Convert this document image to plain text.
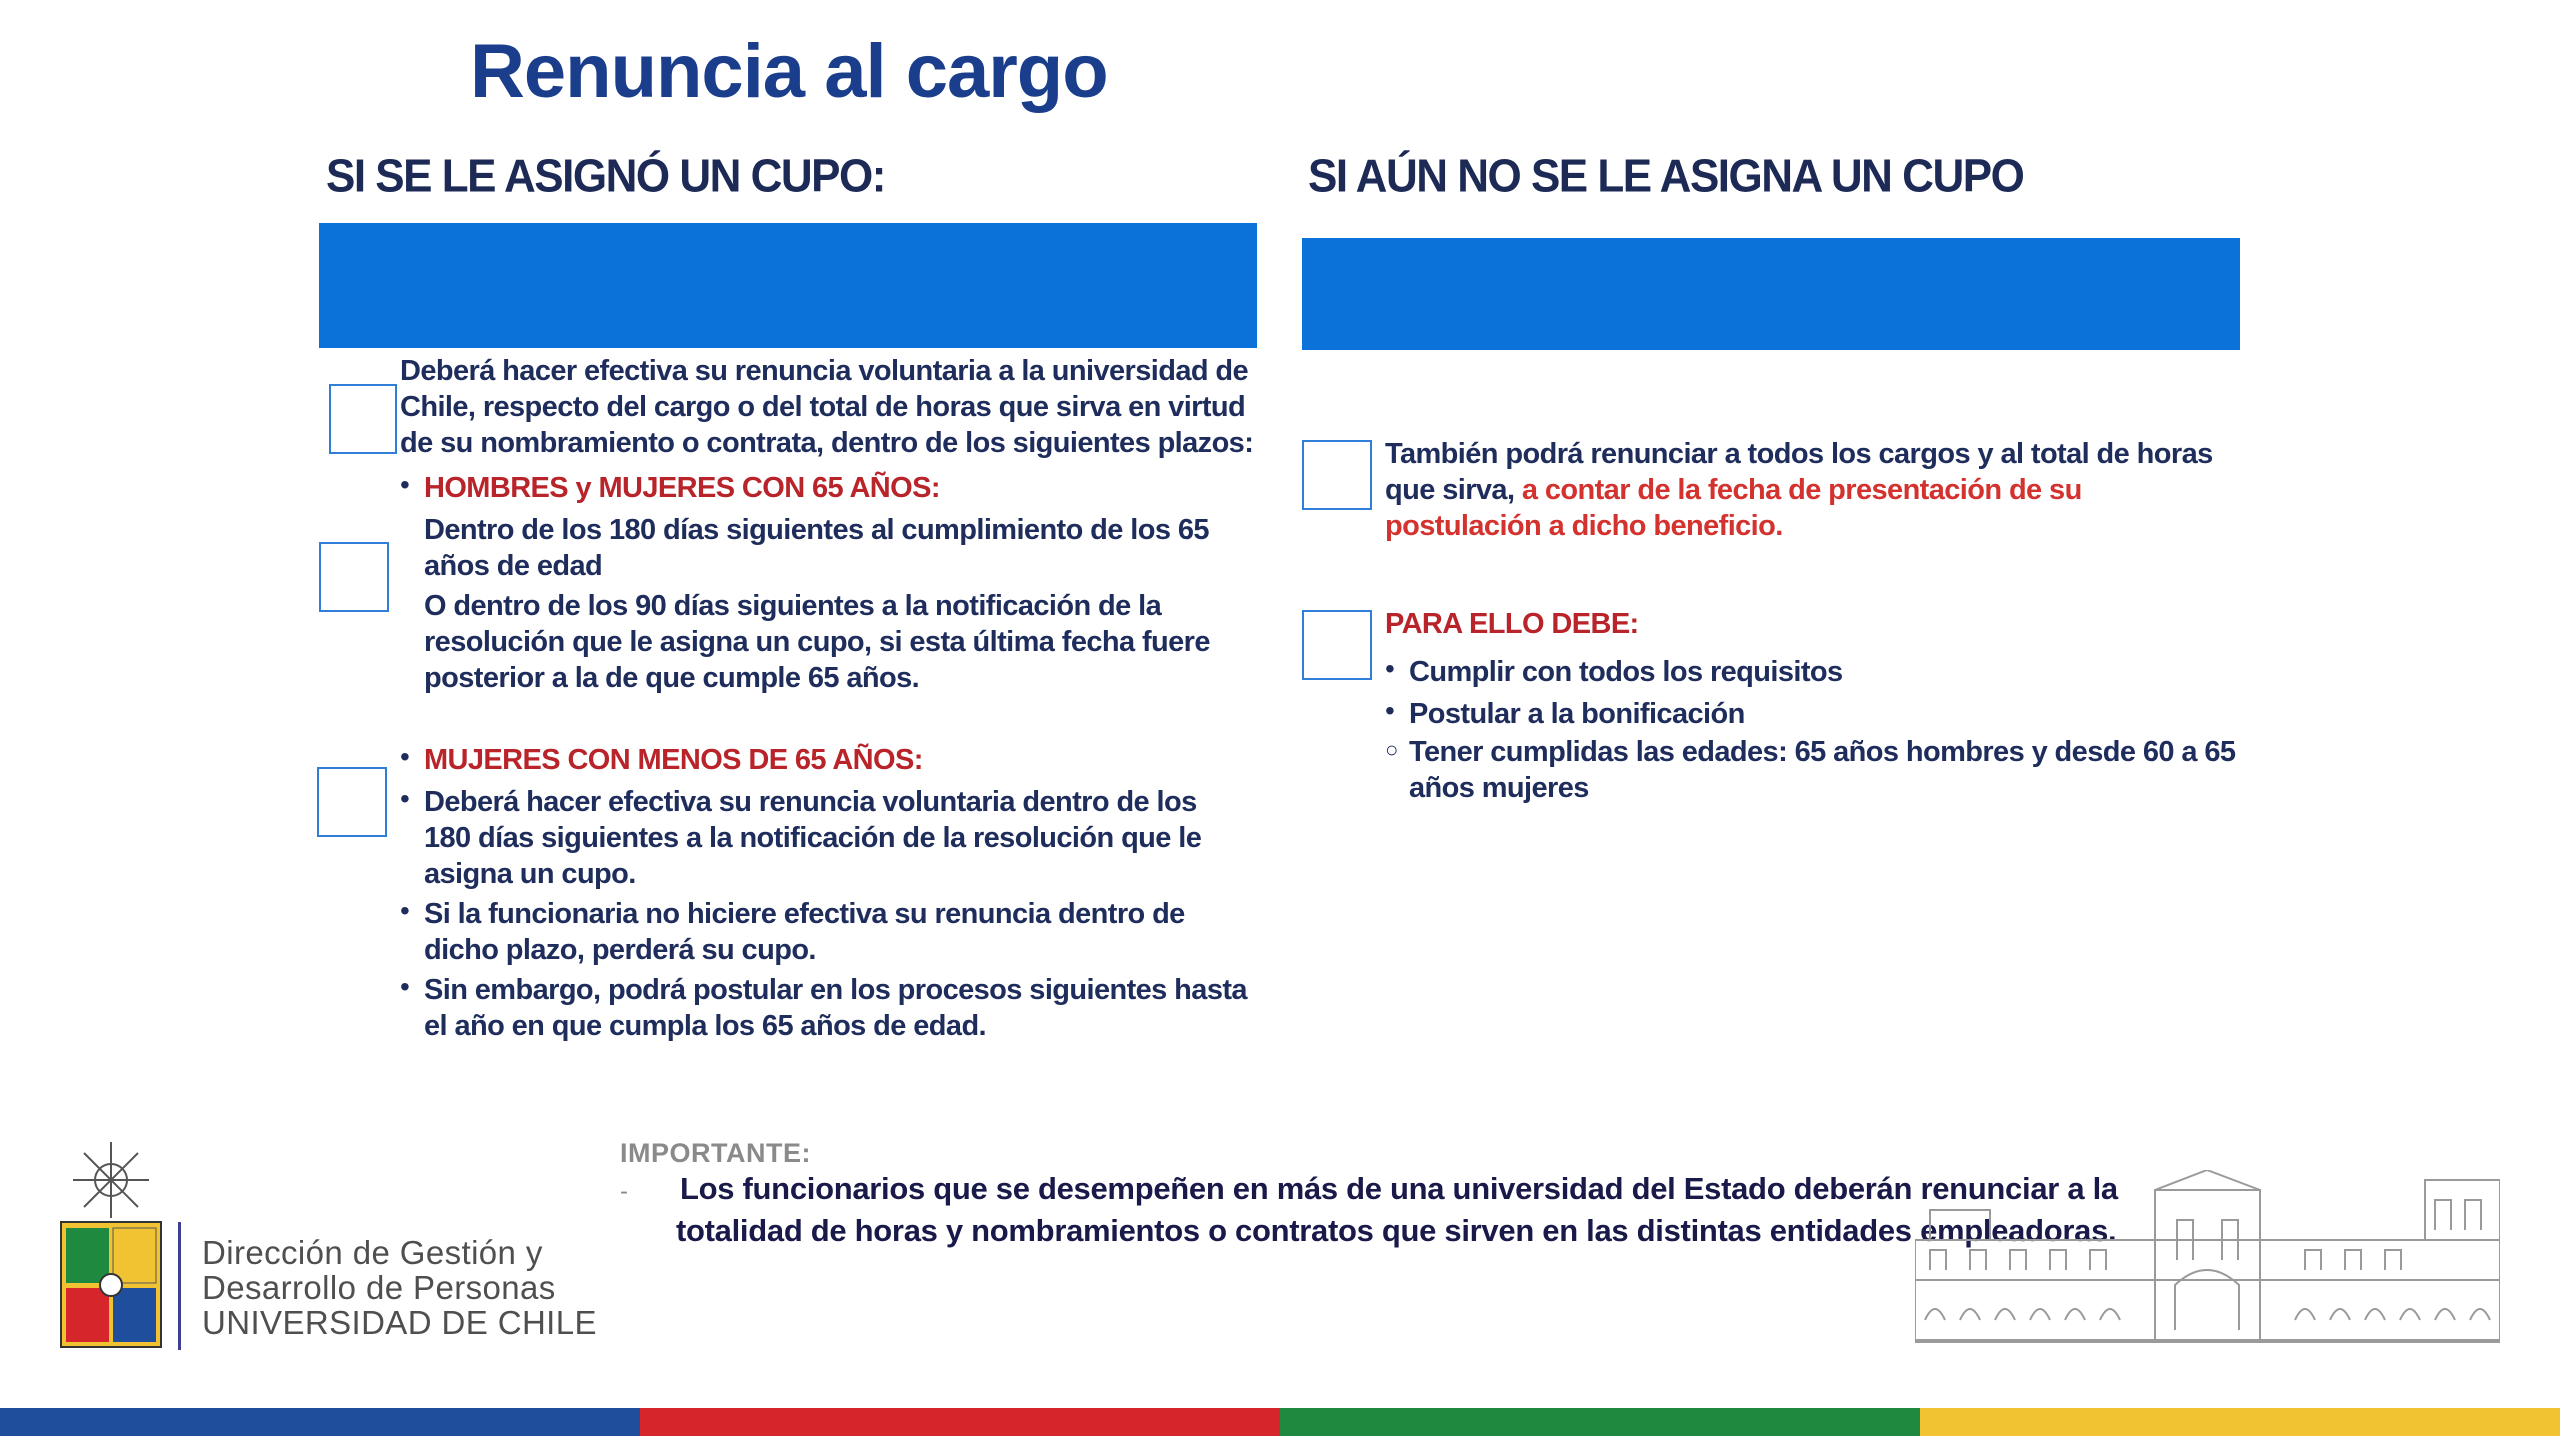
Renuncia al cargo
SI SE LE ASIGNÓ UN CUPO:
Deberá hacer efectiva su renuncia voluntaria a la universidad de
Chile, respecto del cargo o del total de horas que sirva en virtud
de su nombramiento o contrata, dentro de los siguientes plazos:
• HOMBRES y MUJERES CON 65 AÑOS:
Dentro de los 180 días siguientes al cumplimiento de los 65
años de edad
O dentro de los 90 días siguientes a la notificación de la
resolución que le asigna un cupo, si esta última fecha fuere
posterior a la de que cumple 65 años.
• MUJERES CON MENOS DE 65 AÑOS:
• Deberá hacer efectiva su renuncia voluntaria dentro de los
180 días siguientes a la notificación de la resolución que le
asigna un cupo.
• Si la funcionaria no hiciere efectiva su renuncia dentro de
dicho plazo, perderá su cupo.
• Sin embargo, podrá postular en los procesos siguientes hasta
el año en que cumpla los 65 años de edad.
SI AÚN NO SE LE ASIGNA UN CUPO
También podrá renunciar a todos los cargos y al total de horas
que sirva, a contar de la fecha de presentación de su
postulación a dicho beneficio.
PARA ELLO DEBE:
• Cumplir con todos los requisitos
• Postular a la bonificación
○ Tener cumplidas las edades: 65 años hombres y desde 60 a 65
años mujeres
IMPORTANTE:
- Los funcionarios que se desempeñen en más de una universidad del Estado deberán renunciar a la
totalidad de horas y nombramientos o contratos que sirven en las distintas entidades empleadoras.
Dirección de Gestión y
Desarrollo de Personas
UNIVERSIDAD DE CHILE
